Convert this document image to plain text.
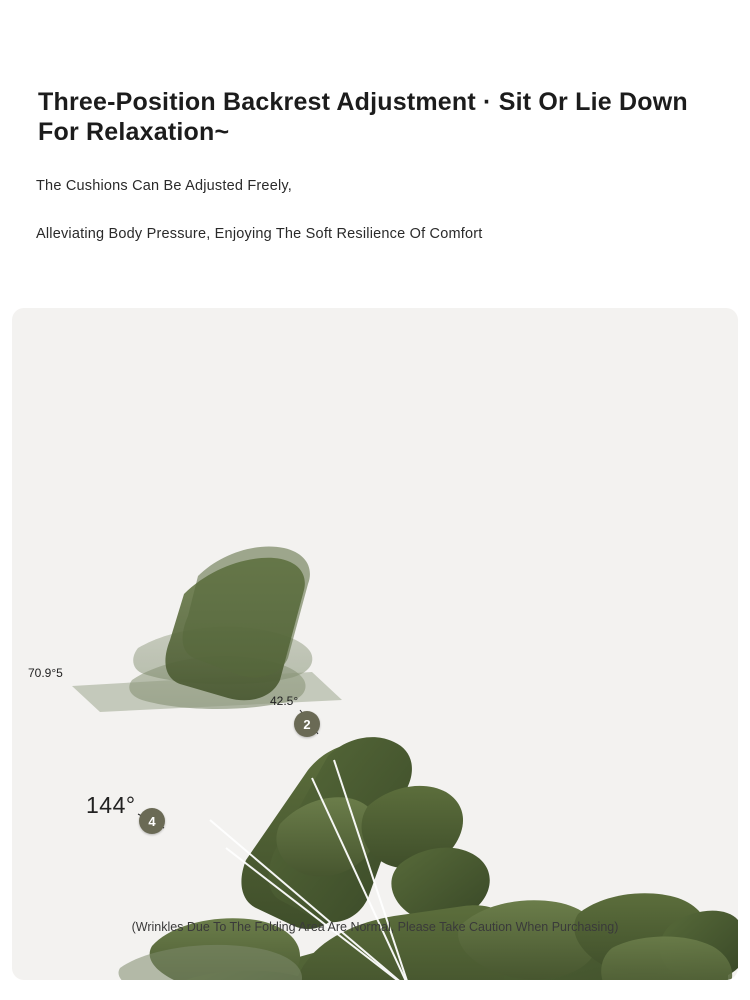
Three-Position Backrest Adjustment · Sit Or Lie Down For Relaxation~
The Cushions Can Be Adjusted Freely,
Alleviating Body Pressure, Enjoying The Soft Resilience Of Comfort
42.5°
2
144°
4
70.9°5
(Wrinkles Due To The Folding Area Are Normal, Please Take Caution When Purchasing)
